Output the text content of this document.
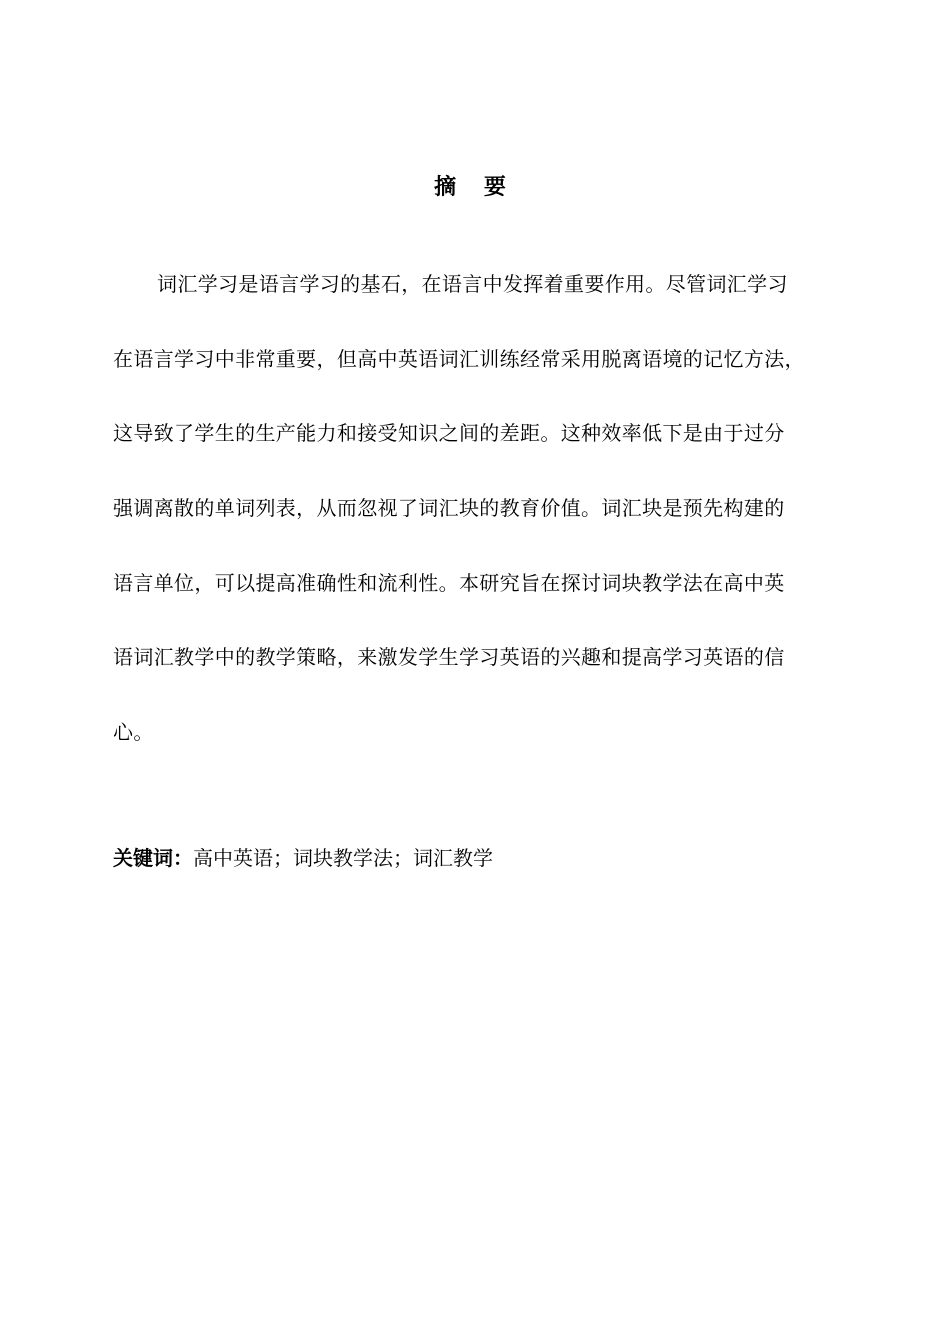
摘 要
词汇学习是语言学习的基石，在语言中发挥着重要作用。尽管词汇学习
在语言学习中非常重要，但高中英语词汇训练经常采用脱离语境的记忆方法，
这导致了学生的生产能力和接受知识之间的差距。这种效率低下是由于过分
强调离散的单词列表，从而忽视了词汇块的教育价值。词汇块是预先构建的
语言单位，可以提高准确性和流利性。本研究旨在探讨词块教学法在高中英
语词汇教学中的教学策略，来激发学生学习英语的兴趣和提高学习英语的信
心。
关键词：高中英语；词块教学法；词汇教学
